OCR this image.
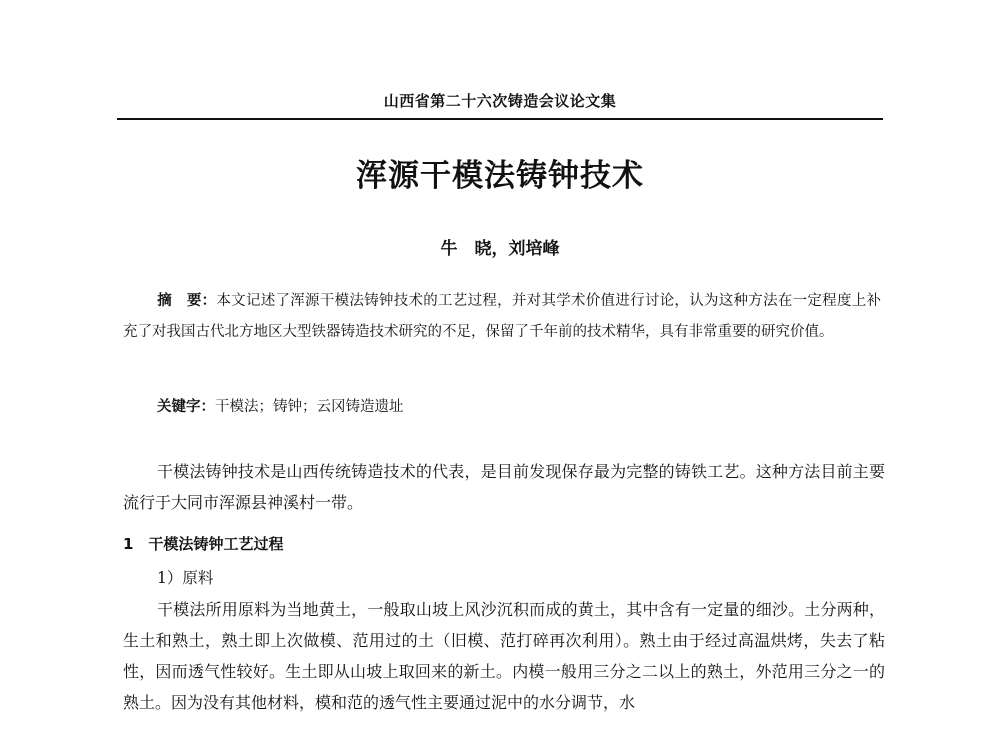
山西省第二十六次铸造会议论文集
浑源干模法铸钟技术
牛　晓，刘培峰
摘　要：本文记述了浑源干模法铸钟技术的工艺过程，并对其学术价值进行讨论，认为这种方法在一定程度上补充了对我国古代北方地区大型铁器铸造技术研究的不足，保留了千年前的技术精华，具有非常重要的研究价值。
关键字：干模法；铸钟；云冈铸造遗址
干模法铸钟技术是山西传统铸造技术的代表，是目前发现保存最为完整的铸铁工艺。这种方法目前主要流行于大同市浑源县神溪村一带。
1　干模法铸钟工艺过程
1）原料
干模法所用原料为当地黄土，一般取山坡上风沙沉积而成的黄土，其中含有一定量的细沙。土分两种，生土和熟土，熟土即上次做模、范用过的土（旧模、范打碎再次利用）。熟土由于经过高温烘烤，失去了粘性，因而透气性较好。生土即从山坡上取回来的新土。内模一般用三分之二以上的熟土，外范用三分之一的熟土。因为没有其他材料，模和范的透气性主要通过泥中的水分调节，水
